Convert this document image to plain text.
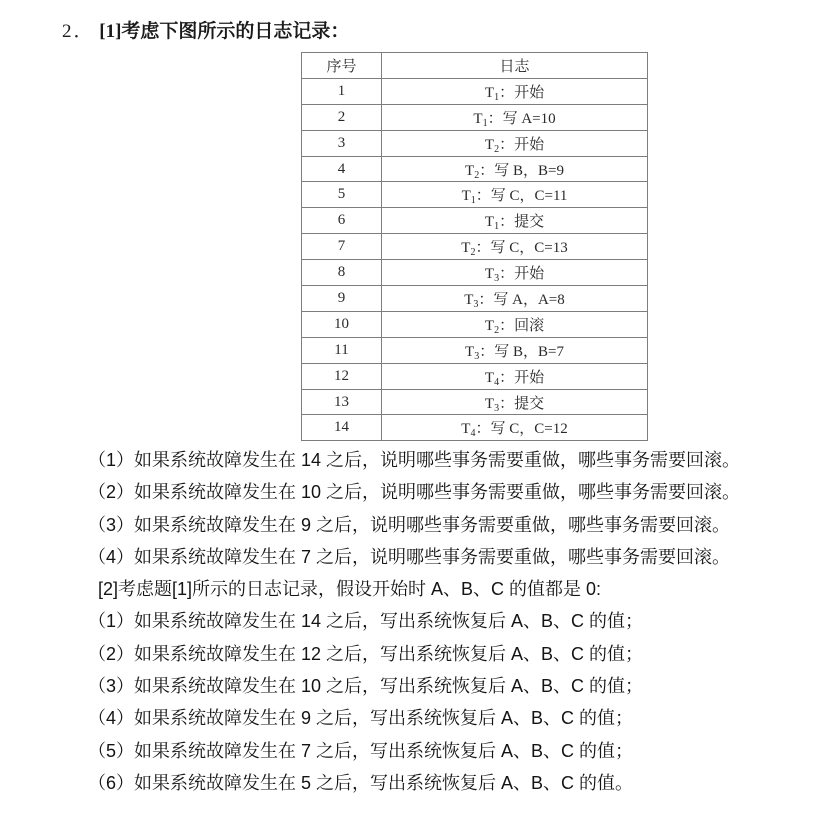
2． [1]考虑下图所示的日志记录：
序号	日志
1	$T_1$：开始
2	$T_1$：写 A=10
3	$T_2$：开始
4	$T_2$：写 B，B=9
5	$T_1$：写 C，C=11
6	$T_1$：提交
7	$T_2$：写 C，C=13
8	$T_3$：开始
9	$T_3$：写 A，A=8
10	$T_2$：回滚
11	$T_3$：写 B，B=7
12	$T_4$：开始
13	$T_3$：提交
14	$T_4$：写 C，C=12
（1）如果系统故障发生在 14 之后，说明哪些事务需要重做，哪些事务需要回滚。
（2）如果系统故障发生在 10 之后，说明哪些事务需要重做，哪些事务需要回滚。
（3）如果系统故障发生在 9 之后，说明哪些事务需要重做，哪些事务需要回滚。
（4）如果系统故障发生在 7 之后，说明哪些事务需要重做，哪些事务需要回滚。
[2]考虑题[1]所示的日志记录，假设开始时 A、B、C 的值都是 0:
（1）如果系统故障发生在 14 之后，写出系统恢复后 A、B、C 的值；
（2）如果系统故障发生在 12 之后，写出系统恢复后 A、B、C 的值；
（3）如果系统故障发生在 10 之后，写出系统恢复后 A、B、C 的值；
（4）如果系统故障发生在 9 之后，写出系统恢复后 A、B、C 的值；
（5）如果系统故障发生在 7 之后，写出系统恢复后 A、B、C 的值；
（6）如果系统故障发生在 5 之后，写出系统恢复后 A、B、C 的值。
